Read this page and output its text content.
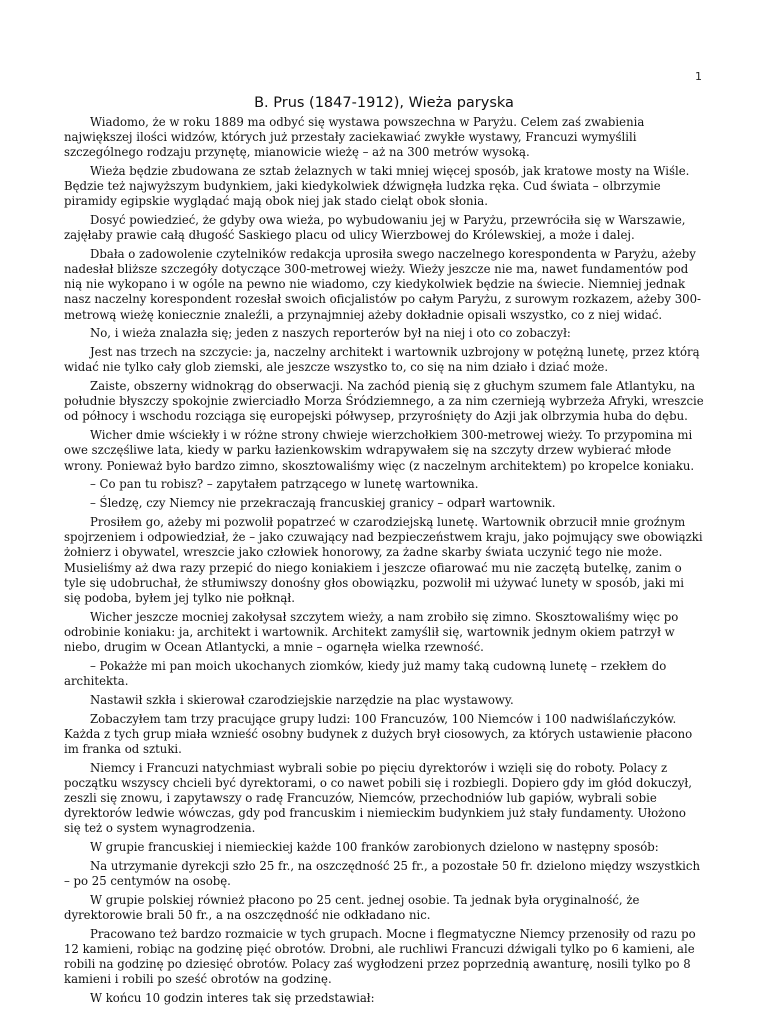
1
B. Prus (1847-1912), Wieża paryska

Wiadomo, że w roku 1889 ma odbyć się wystawa powszechna w Paryżu. Celem zaś zwabienia największej ilości widzów, których już przestały zaciekawiać zwykłe wystawy, Francuzi wymyślili szczególnego rodzaju przynętę, mianowicie wieżę – aż na 300 metrów wysoką.

Wieża będzie zbudowana ze sztab żelaznych w taki mniej więcej sposób, jak kratowe mosty na Wiśle. Będzie też najwyższym budynkiem, jaki kiedykolwiek dźwignęła ludzka ręka. Cud świata – olbrzymie piramidy egipskie wyglądać mają obok niej jak stado cieląt obok słonia.

Dosyć powiedzieć, że gdyby owa wieża, po wybudowaniu jej w Paryżu, przewróciła się w Warszawie, zajęłaby prawie całą długość Saskiego placu od ulicy Wierzbowej do Królewskiej, a może i dalej.

Dbała o zadowolenie czytelników redakcja uprosiła swego naczelnego korespondenta w Paryżu, ażeby nadesłał bliższe szczegóły dotyczące 300-metrowej wieży. Wieży jeszcze nie ma, nawet fundamentów pod nią nie wykopano i w ogóle na pewno nie wiadomo, czy kiedykolwiek będzie na świecie. Niemniej jednak nasz naczelny korespondent rozesłał swoich oficjalistów po całym Paryżu, z surowym rozkazem, ażeby 300-metrową wieżę koniecznie znaleźli, a przynajmniej ażeby dokładnie opisali wszystko, co z niej widać.

No, i wieża znalazła się; jeden z naszych reporterów był na niej i oto co zobaczył:

Jest nas trzech na szczycie: ja, naczelny architekt i wartownik uzbrojony w potężną lunetę, przez którą widać nie tylko cały glob ziemski, ale jeszcze wszystko to, co się na nim działo i dziać może.

Zaiste, obszerny widnokrąg do obserwacji. Na zachód pienią się z głuchym szumem fale Atlantyku, na południe błyszczy spokojnie zwierciadło Morza Śródziemnego, a za nim czernieją wybrzeża Afryki, wreszcie od północy i wschodu rozciąga się europejski półwysep, przyrośnięty do Azji jak olbrzymia huba do dębu.

Wicher dmie wściekły i w różne strony chwieje wierzchołkiem 300-metrowej wieży. To przypomina mi owe szczęśliwe lata, kiedy w parku łazienkowskim wdrapywałem się na szczyty drzew wybierać młode wrony. Ponieważ było bardzo zimno, skosztowaliśmy więc (z naczelnym architektem) po kropelce koniaku.

– Co pan tu robisz? – zapytałem patrzącego w lunetę wartownika.

– Śledzę, czy Niemcy nie przekraczają francuskiej granicy – odparł wartownik.

Prosiłem go, ażeby mi pozwolił popatrzeć w czarodziejską lunetę. Wartownik obrzucił mnie groźnym spojrzeniem i odpowiedział, że – jako czuwający nad bezpieczeństwem kraju, jako pojmujący swe obowiązki żołnierz i obywatel, wreszcie jako człowiek honorowy, za żadne skarby świata uczynić tego nie może. Musieliśmy aż dwa razy przepić do niego koniakiem i jeszcze ofiarować mu nie zaczętą butelkę, zanim o tyle się udobruchał, że stłumiwszy donośny głos obowiązku, pozwolił mi używać lunety w sposób, jaki mi się podoba, byłem jej tylko nie połknął.

Wicher jeszcze mocniej zakołysał szczytem wieży, a nam zrobiło się zimno. Skosztowaliśmy więc po odrobinie koniaku: ja, architekt i wartownik. Architekt zamyślił się, wartownik jednym okiem patrzył w niebo, drugim w Ocean Atlantycki, a mnie – ogarnęła wielka rzewność.

– Pokażże mi pan moich ukochanych ziomków, kiedy już mamy taką cudowną lunetę – rzekłem do architekta.

Nastawił szkła i skierował czarodziejskie narzędzie na plac wystawowy.

Zobaczyłem tam trzy pracujące grupy ludzi: 100 Francuzów, 100 Niemców i 100 nadwiślańczyków. Każda z tych grup miała wznieść osobny budynek z dużych brył ciosowych, za których ustawienie płacono im franka od sztuki.

Niemcy i Francuzi natychmiast wybrali sobie po pięciu dyrektorów i wzięli się do roboty. Polacy z początku wszyscy chcieli być dyrektorami, o co nawet pobili się i rozbiegli. Dopiero gdy im głód dokuczył, zeszli się znowu, i zapytawszy o radę Francuzów, Niemców, przechodniów lub gapiów, wybrali sobie dyrektorów ledwie wówczas, gdy pod francuskim i niemieckim budynkiem już stały fundamenty. Ułożono się też o system wynagrodzenia.

W grupie francuskiej i niemieckiej każde 100 franków zarobionych dzielono w następny sposób:

Na utrzymanie dyrekcji szło 25 fr., na oszczędność 25 fr., a pozostałe 50 fr. dzielono między wszystkich – po 25 centymów na osobę.

W grupie polskiej również płacono po 25 cent. jednej osobie. Ta jednak była oryginalność, że dyrektorowie brali 50 fr., a na oszczędność nie odkładano nic.

Pracowano też bardzo rozmaicie w tych grupach. Mocne i flegmatyczne Niemcy przenosiły od razu po 12 kamieni, robiąc na godzinę pięć obrotów. Drobni, ale ruchliwi Francuzi dźwigali tylko po 6 kamieni, ale robili na godzinę po dziesięć obrotów. Polacy zaś wygłodzeni przez poprzednią awanturę, nosili tylko po 8 kamieni i robili po sześć obrotów na godzinę.

W końcu 10 godzin interes tak się przedstawiał:
